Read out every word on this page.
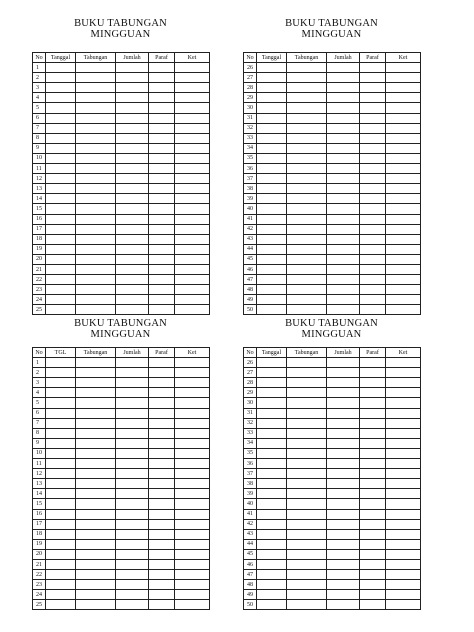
BUKU TABUNGAN
MINGGUAN
No	Tanggal	Tabungan	Jumlah	Paraf	Ket
1					
2					
3					
4					
5					
6					
7					
8					
9					
10					
11					
12					
13					
14					
15					
16					
17					
18					
19					
20					
21					
22					
23					
24					
25					
BUKU TABUNGAN
MINGGUAN
No	Tanggal	Tabungan	Jumlah	Paraf	Ket
26					
27					
28					
29					
30					
31					
32					
33					
34					
35					
36					
37					
38					
39					
40					
41					
42					
43					
44					
45					
46					
47					
48					
49					
50					
BUKU TABUNGAN
MINGGUAN
No	TGL	Tabungan	Jumlah	Paraf	Ket
1					
2					
3					
4					
5					
6					
7					
8					
9					
10					
11					
12					
13					
14					
15					
16					
17					
18					
19					
20					
21					
22					
23					
24					
25					
BUKU TABUNGAN
MINGGUAN
No	Tanggal	Tabungan	Jumlah	Paraf	Ket
26					
27					
28					
29					
30					
31					
32					
33					
34					
35					
36					
37					
38					
39					
40					
41					
42					
43					
44					
45					
46					
47					
48					
49					
50					
